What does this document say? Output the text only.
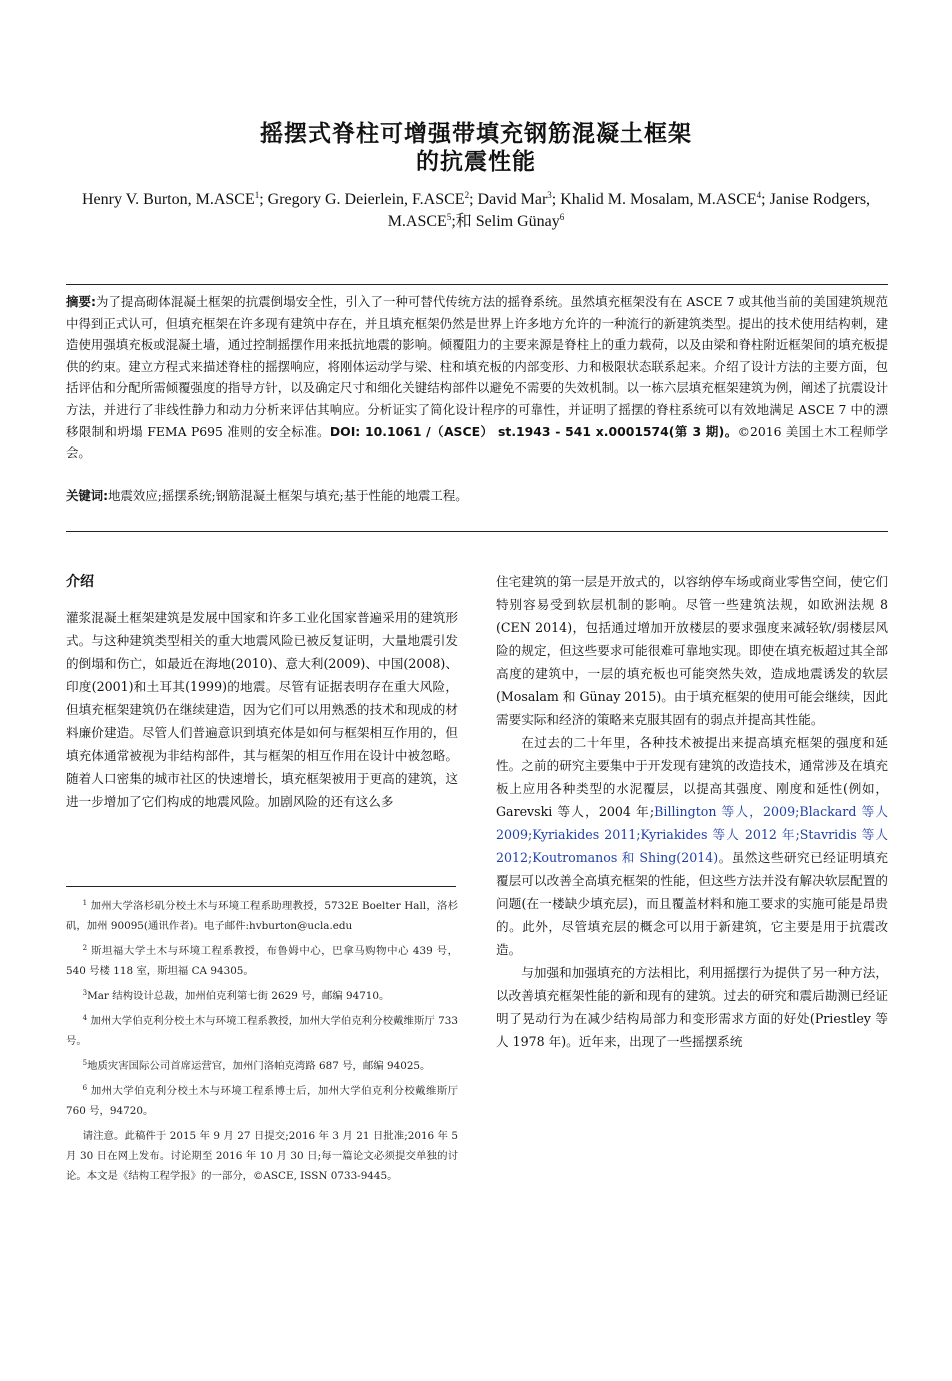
摇摆式脊柱可增强带填充钢筋混凝土框架
的抗震性能
Henry V. Burton, M.ASCE$^1$; Gregory G. Deierlein, F.ASCE$^2$; David Mar$^3$; Khalid M. Mosalam, M.ASCE$^4$; Janise Rodgers, M.ASCE$^5$;和 Selim Günay$^6$
摘要:为了提高砌体混凝土框架的抗震倒塌安全性，引入了一种可替代传统方法的摇脊系统。虽然填充框架没有在 ASCE 7 或其他当前的美国建筑规范中得到正式认可，但填充框架在许多现有建筑中存在，并且填充框架仍然是世界上许多地方允许的一种流行的新建筑类型。提出的技术使用结构刺，建造使用强填充板或混凝土墙，通过控制摇摆作用来抵抗地震的影响。倾覆阻力的主要来源是脊柱上的重力载荷，以及由梁和脊柱附近框架间的填充板提供的约束。建立方程式来描述脊柱的摇摆响应，将刚体运动学与梁、柱和填充板的内部变形、力和极限状态联系起来。介绍了设计方法的主要方面，包括评估和分配所需倾覆强度的指导方针，以及确定尺寸和细化关键结构部件以避免不需要的失效机制。以一栋六层填充框架建筑为例，阐述了抗震设计方法，并进行了非线性静力和动力分析来评估其响应。分析证实了简化设计程序的可靠性，并证明了摇摆的脊柱系统可以有效地满足 ASCE 7 中的漂移限制和坍塌 FEMA P695 准则的安全标准。DOI: 10.1061 /（ASCE） st.1943 - 541 x.0001574(第 3 期)。©2016 美国土木工程师学会。
关键词:地震效应;摇摆系统;钢筋混凝土框架与填充;基于性能的地震工程。
介绍

灌浆混凝土框架建筑是发展中国家和许多工业化国家普遍采用的建筑形式。与这种建筑类型相关的重大地震风险已被反复证明，大量地震引发的倒塌和伤亡，如最近在海地(2010)、意大利(2009)、中国(2008)、印度(2001)和土耳其(1999)的地震。尽管有证据表明存在重大风险，但填充框架建筑仍在继续建造，因为它们可以用熟悉的技术和现成的材料廉价建造。尽管人们普遍意识到填充体是如何与框架相互作用的，但填充体通常被视为非结构部件，其与框架的相互作用在设计中被忽略。随着人口密集的城市社区的快速增长，填充框架被用于更高的建筑，这进一步增加了它们构成的地震风险。加剧风险的还有这么多

住宅建筑的第一层是开放式的，以容纳停车场或商业零售空间，使它们特别容易受到软层机制的影响。尽管一些建筑法规，如欧洲法规 8 (CEN 2014)，包括通过增加开放楼层的要求强度来减轻软/弱楼层风险的规定，但这些要求可能很难可靠地实现。即使在填充板超过其全部高度的建筑中，一层的填充板也可能突然失效，造成地震诱发的软层(Mosalam 和 Günay 2015)。由于填充框架的使用可能会继续，因此需要实际和经济的策略来克服其固有的弱点并提高其性能。

在过去的二十年里，各种技术被提出来提高填充框架的强度和延性。之前的研究主要集中于开发现有建筑的改造技术，通常涉及在填充板上应用各种类型的水泥覆层，以提高其强度、刚度和延性(例如，Garevski 等人，2004 年;Billington 等人，2009;Blackard 等人 2009;Kyriakides 2011;Kyriakides 等人 2012 年;Stavridis 等人 2012;Koutromanos 和 Shing(2014)。虽然这些研究已经证明填充覆层可以改善全高填充框架的性能，但这些方法并没有解决软层配置的问题(在一楼缺少填充层)，而且覆盖材料和施工要求的实施可能是昂贵的。此外，尽管填充层的概念可以用于新建筑，它主要是用于抗震改造。

与加强和加强填充的方法相比，利用摇摆行为提供了另一种方法，以改善填充框架性能的新和现有的建筑。过去的研究和震后勘测已经证明了晃动行为在减少结构局部力和变形需求方面的好处(Priestley 等人 1978 年)。近年来，出现了一些摇摆系统

$^1$ 加州大学洛杉矶分校土木与环境工程系助理教授，5732E Boelter Hall，洛杉矶，加州 90095(通讯作者)。电子邮件:hvburton@ucla.edu

$^2$ 斯坦福大学土木与环境工程系教授，布鲁姆中心，巴拿马购物中心 439 号，540 号楼 118 室，斯坦福 CA 94305。

$^3$Mar 结构设计总裁，加州伯克利第七街 2629 号，邮编 94710。

$^4$ 加州大学伯克利分校土木与环境工程系教授，加州大学伯克利分校戴维斯厅 733 号。

$^5$地质灾害国际公司首席运营官，加州门洛帕克湾路 687 号，邮编 94025。

$^6$ 加州大学伯克利分校土木与环境工程系博士后，加州大学伯克利分校戴维斯厅 760 号，94720。

请注意。此稿件于 2015 年 9 月 27 日提交;2016 年 3 月 21 日批准;2016 年 5 月 30 日在网上发布。讨论期至 2016 年 10 月 30 日;每一篇论文必须提交单独的讨论。本文是《结构工程学报》的一部分，©ASCE, ISSN 0733-9445。
